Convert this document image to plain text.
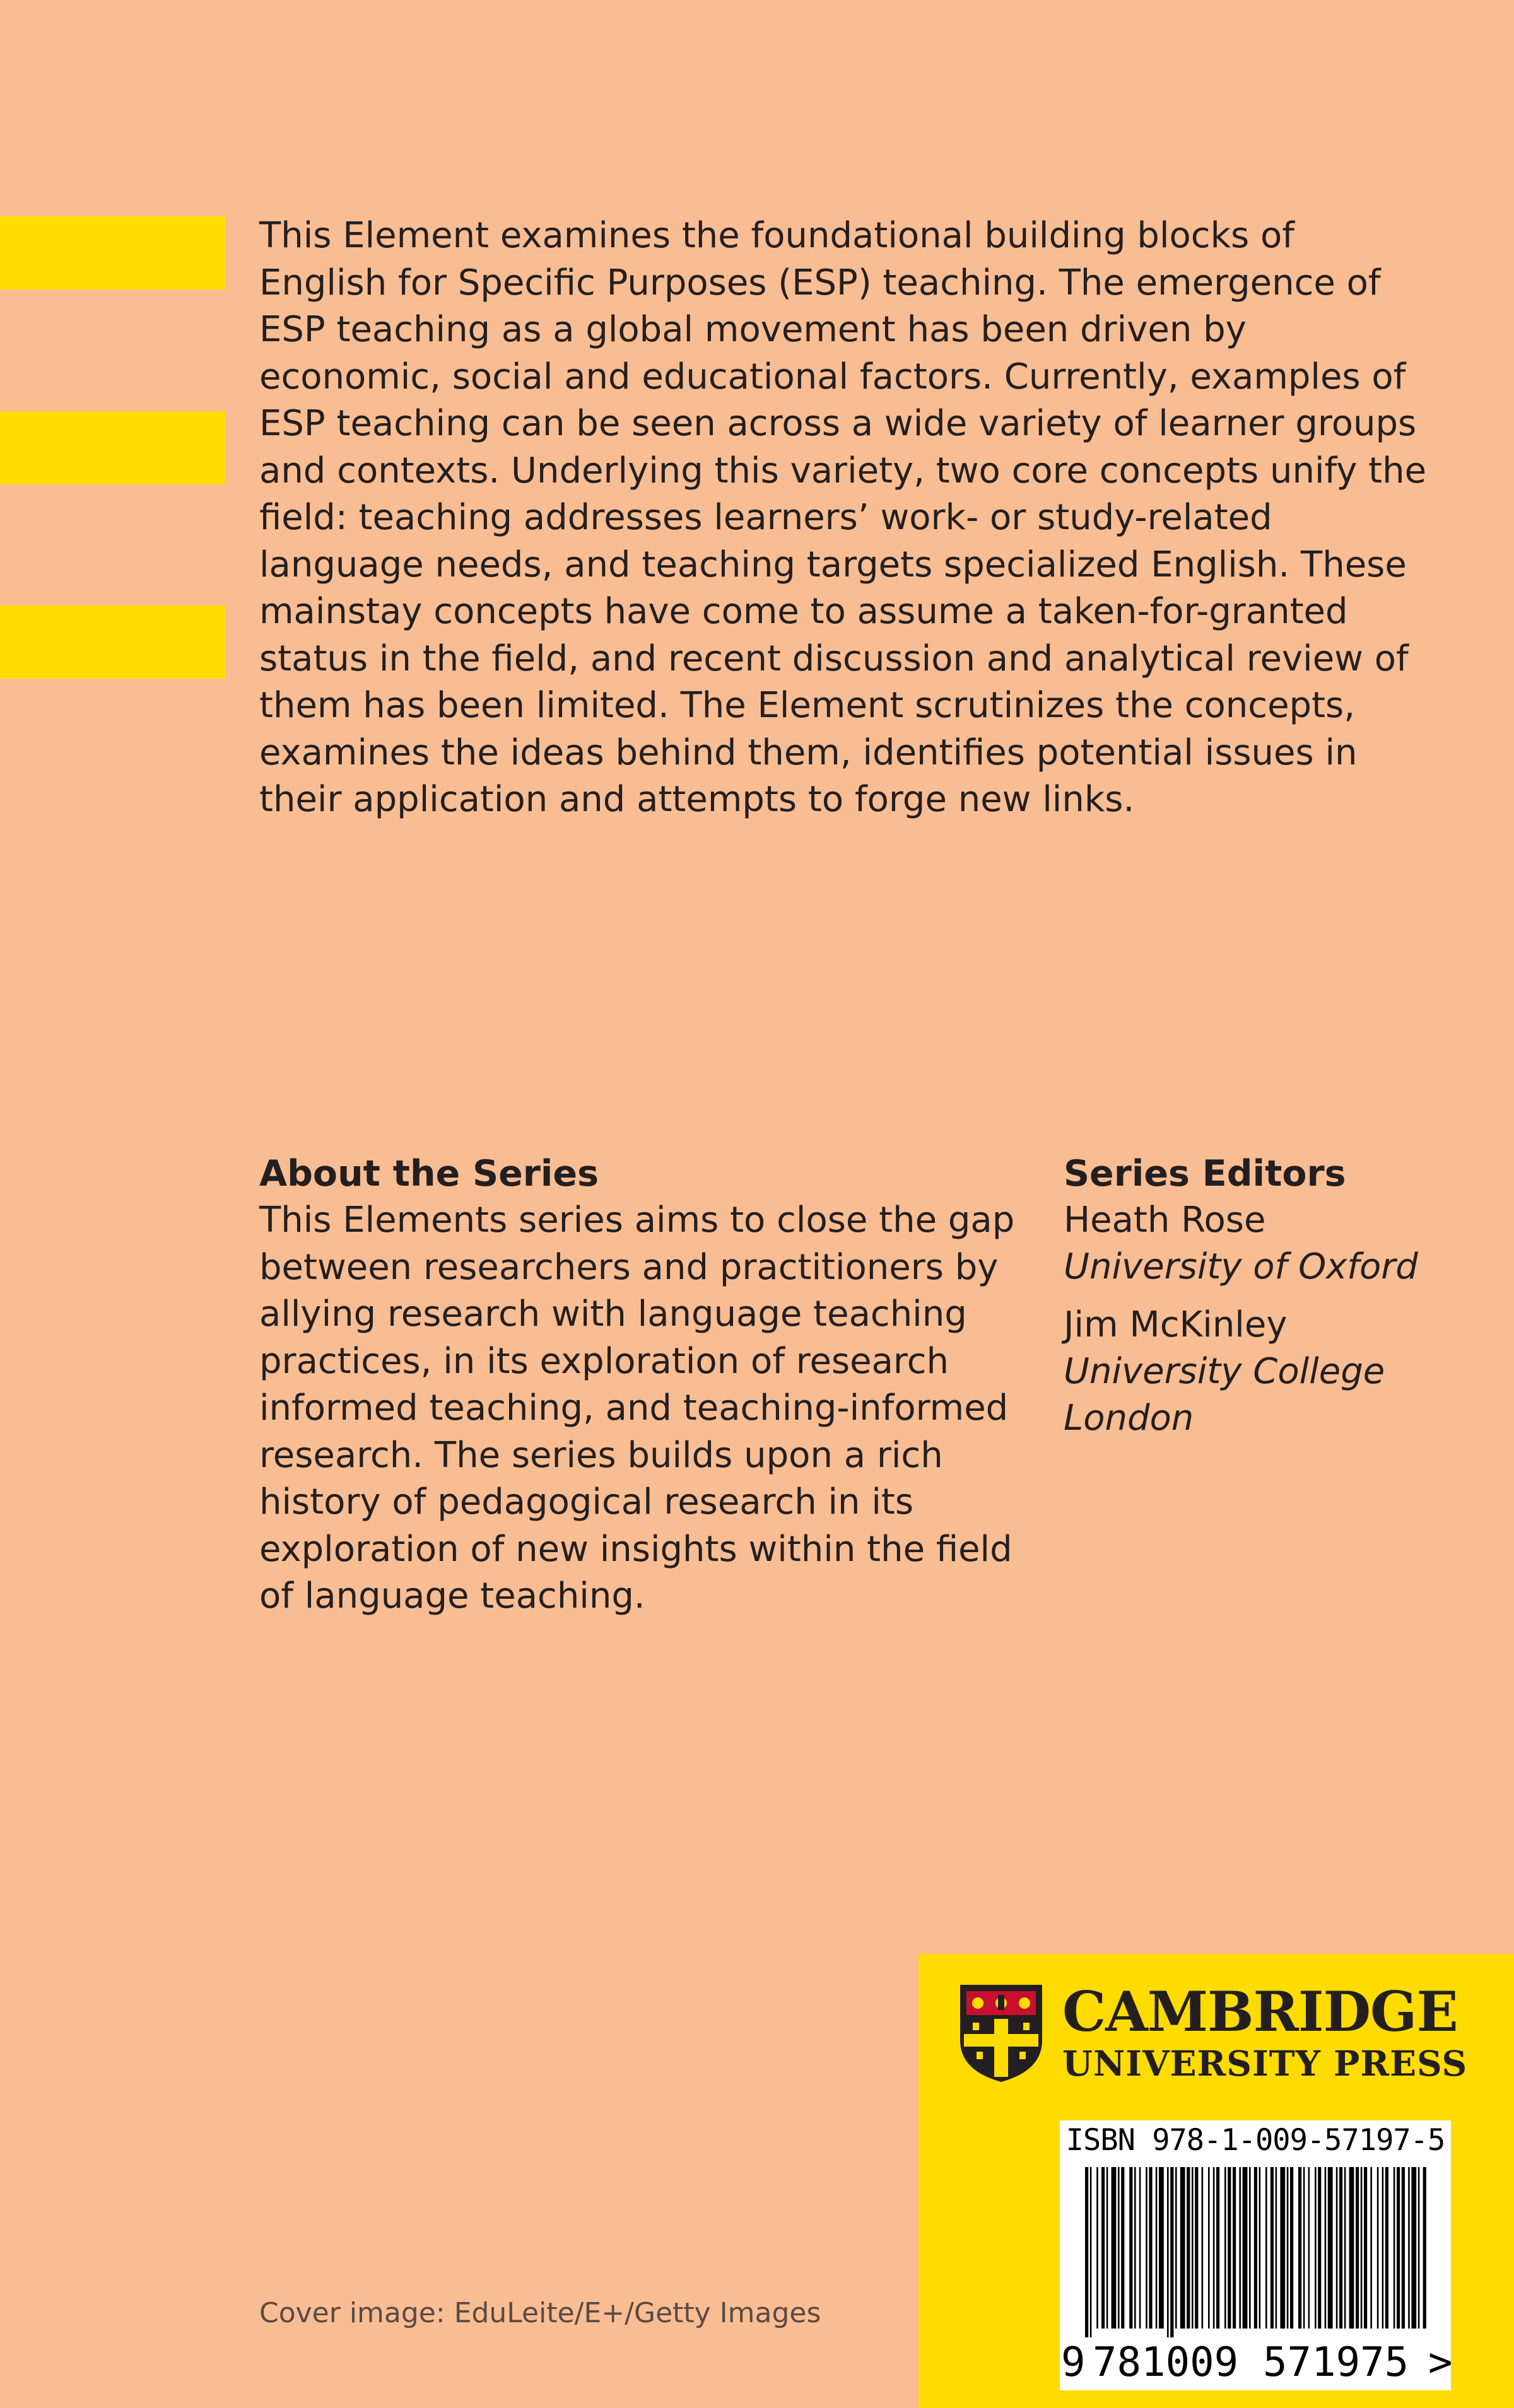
This Element examines the foundational building blocks of English for Specific Purposes (ESP) teaching. The emergence of ESP teaching as a global movement has been driven by economic, social and educational factors. Currently, examples of ESP teaching can be seen across a wide variety of learner groups and contexts. Underlying this variety, two core concepts unify the field: teaching addresses learners’ work- or study-related language needs, and teaching targets specialized English. These mainstay concepts have come to assume a taken-for-granted status in the field, and recent discussion and analytical review of them has been limited. The Element scrutinizes the concepts, examines the ideas behind them, identifies potential issues in their application and attempts to forge new links.

About the Series
This Elements series aims to close the gap between researchers and practitioners by allying research with language teaching practices, in its exploration of research informed teaching, and teaching-informed research. The series builds upon a rich history of pedagogical research in its exploration of new insights within the field of language teaching.
Series Editors
Heath Rose
University of Oxford
Jim McKinley
University College London
Cover image: EduLeite/E+/Getty Images
CAMBRIDGE
UNIVERSITY PRESS
ISBN 978-1-009-57197-5
9 781009 571975 >
